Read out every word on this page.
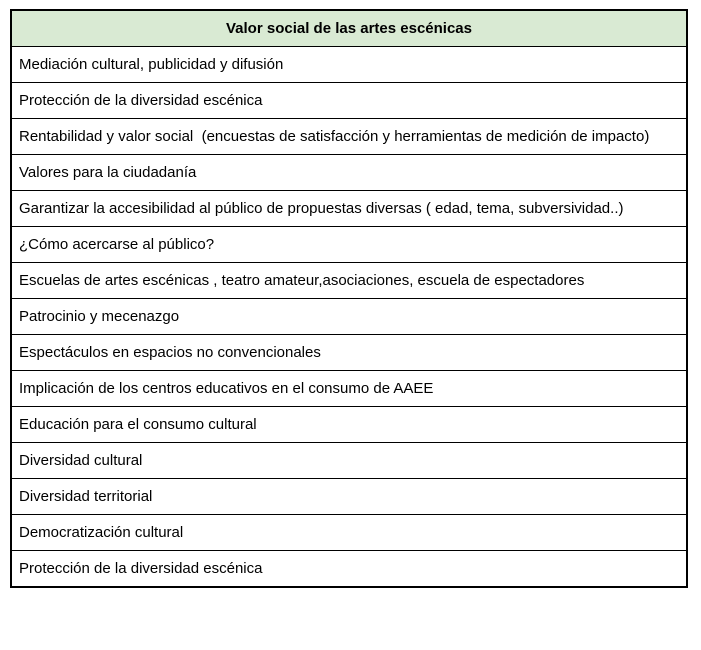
Valor social de las artes escénicas
Mediación cultural, publicidad y difusión
Protección de la diversidad escénica
Rentabilidad y valor social  (encuestas de satisfacción y herramientas de medición de impacto)
Valores para la ciudadanía
Garantizar la accesibilidad al público de propuestas diversas ( edad, tema, subversividad..)
¿Cómo acercarse al público?
Escuelas de artes escénicas , teatro amateur,asociaciones, escuela de espectadores
Patrocinio y mecenazgo
Espectáculos en espacios no convencionales
Implicación de los centros educativos en el consumo de AAEE
Educación para el consumo cultural
Diversidad cultural
Diversidad territorial
Democratización cultural
Protección de la diversidad escénica
